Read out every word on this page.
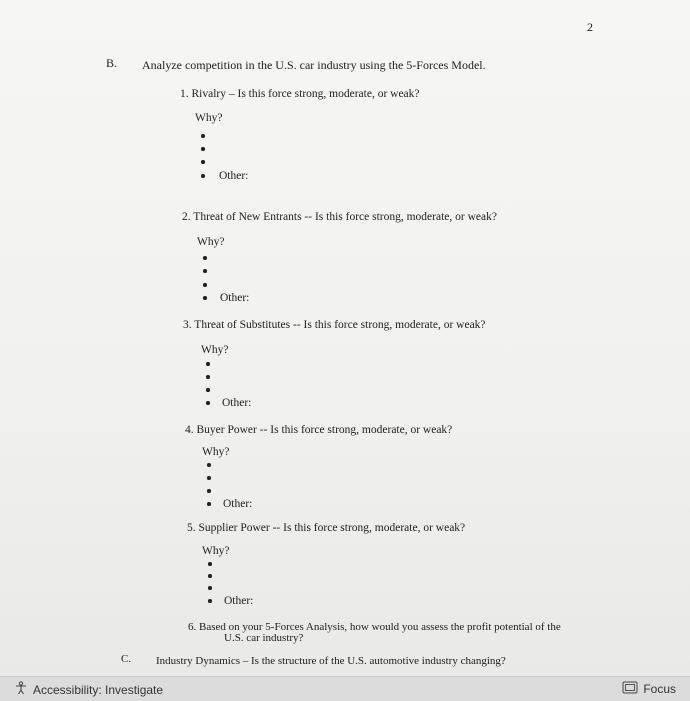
2
B. Analyze competition in the U.S. car industry using the 5-Forces Model.
1. Rivalry – Is this force strong, moderate, or weak?
Why?
Other:
2. Threat of New Entrants -- Is this force strong, moderate, or weak?
Why?
Other:
3. Threat of Substitutes -- Is this force strong, moderate, or weak?
Why?
Other:
4. Buyer Power -- Is this force strong, moderate, or weak?
Why?
Other:
5. Supplier Power -- Is this force strong, moderate, or weak?
Why?
Other:
6. Based on your 5-Forces Analysis, how would you assess the profit potential of the
U.S. car industry?
C. Industry Dynamics – Is the structure of the U.S. automotive industry changing?
Accessibility: Investigate	Focus
